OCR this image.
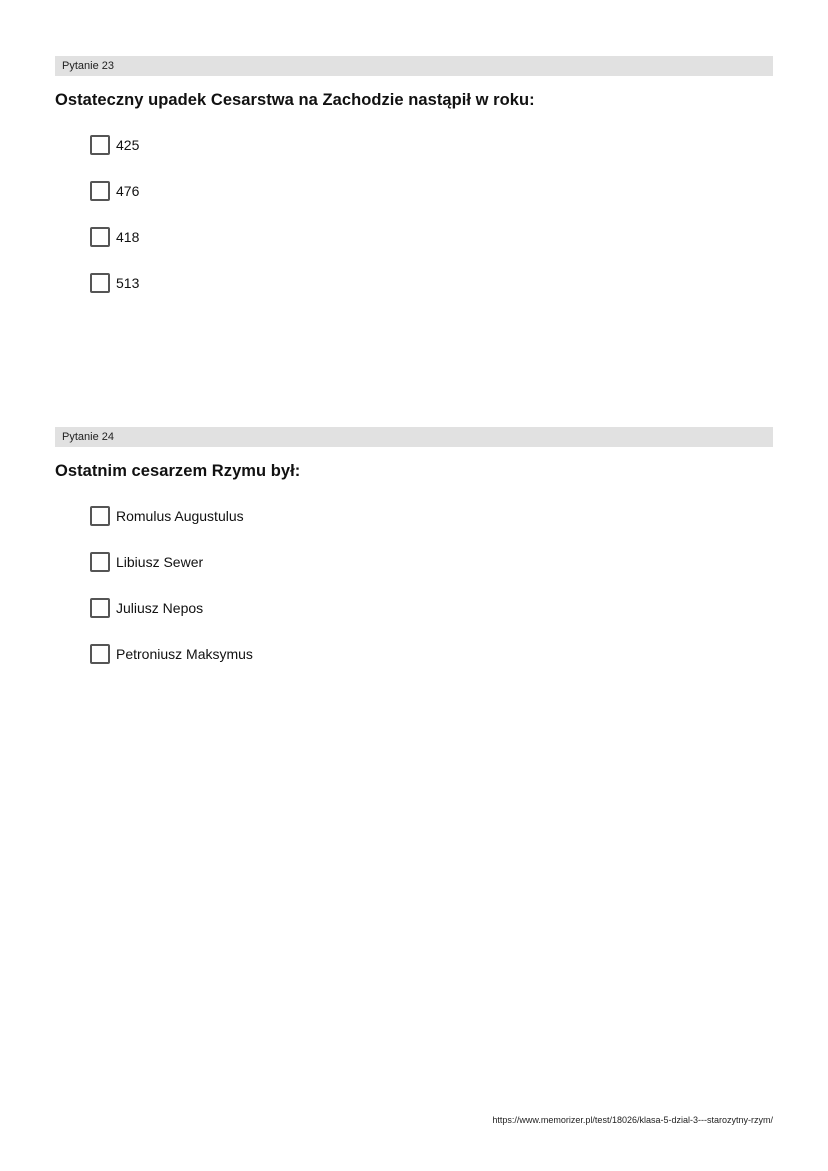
Pytanie 23
Ostateczny upadek Cesarstwa na Zachodzie nastąpił w roku:
425
476
418
513
Pytanie 24
Ostatnim cesarzem Rzymu był:
Romulus Augustulus
Libiusz Sewer
Juliusz Nepos
Petroniusz Maksymus
https://www.memorizer.pl/test/18026/klasa-5-dzial-3---starozytny-rzym/
